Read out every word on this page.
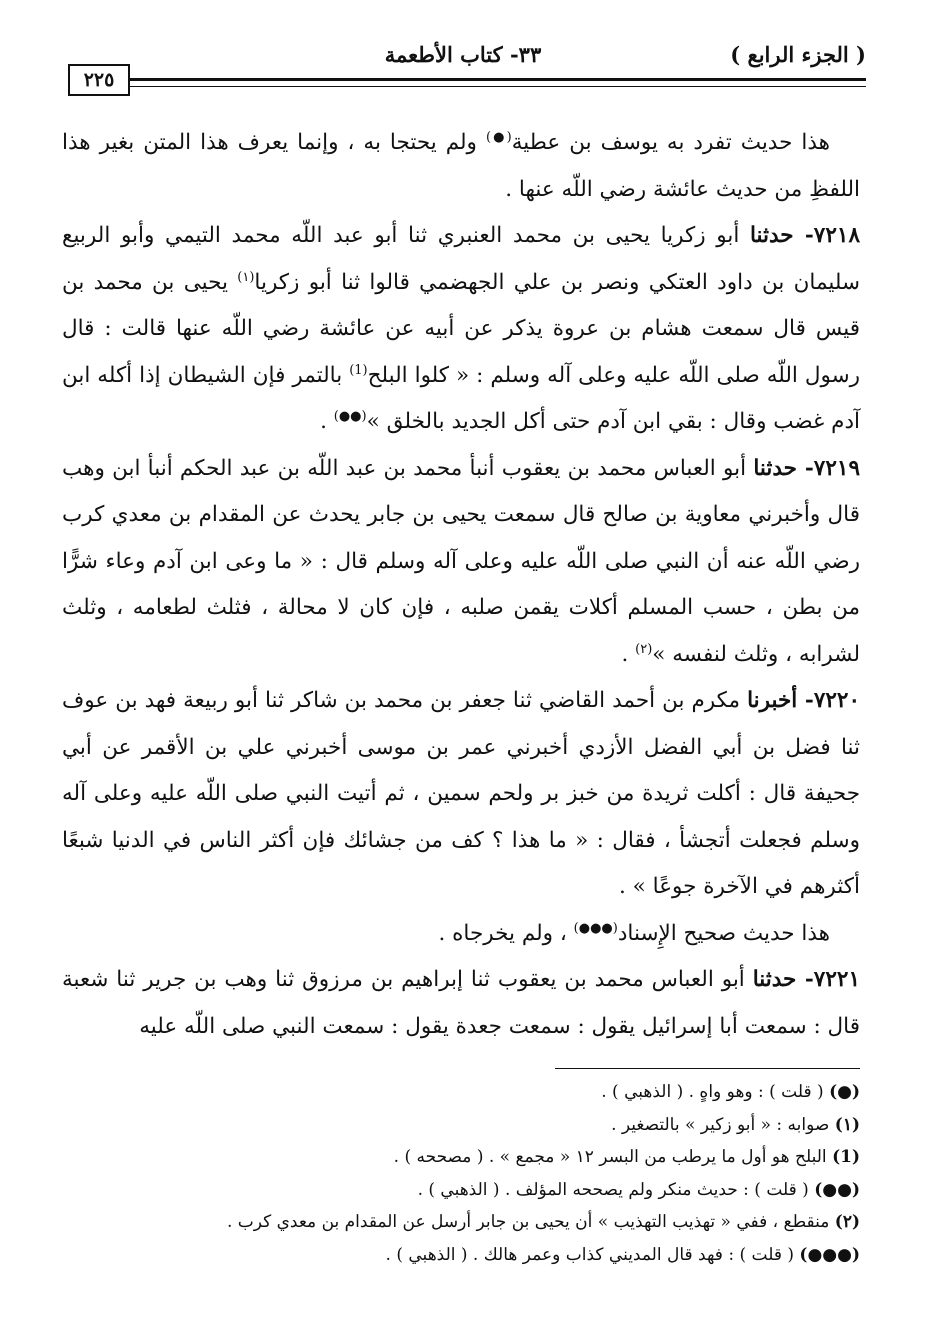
( الجزء الرابع )
٣٣- كتاب الأطعمة
٢٢٥

هذا حديث تفرد به يوسف بن عطية(●) ولم يحتجا به ، وإنما يعرف هذا المتن بغير هذا اللفظِ من حديث عائشة رضي اللّه عنها .

٧٢١٨- حدثنا أبو زكريا يحيى بن محمد العنبري ثنا أبو عبد اللّه محمد التيمي وأبو الربيع سليمان بن داود العتكي ونصر بن علي الجهضمي قالوا ثنا أبو زكريا$^{(١)}$ يحيى بن محمد بن قيس قال سمعت هشام بن عروة يذكر عن أبيه عن عائشة رضي اللّه عنها قالت : قال رسول اللّه صلى اللّه عليه وعلى آله وسلم : « كلوا البلح$^{(1)}$ بالتمر فإن الشيطان إذا أكله ابن آدم غضب وقال : بقي ابن آدم حتى أكل الجديد بالخلق »(●●) .

٧٢١٩- حدثنا أبو العباس محمد بن يعقوب أنبأ محمد بن عبد اللّه بن عبد الحكم أنبأ ابن وهب قال وأخبرني معاوية بن صالح قال سمعت يحيى بن جابر يحدث عن المقدام بن معدي كرب رضي اللّه عنه أن النبي صلى اللّه عليه وعلى آله وسلم قال : « ما وعى ابن آدم وعاء شرًّا من بطن ، حسب المسلم أكلات يقمن صلبه ، فإن كان لا محالة ، فثلث لطعامه ، وثلث لشرابه ، وثلث لنفسه »$^{(٢)}$ .

٧٢٢٠- أخبرنا مكرم بن أحمد القاضي ثنا جعفر بن محمد بن شاكر ثنا أبو ربيعة فهد بن عوف ثنا فضل بن أبي الفضل الأزدي أخبرني عمر بن موسى أخبرني علي بن الأقمر عن أبي جحيفة قال : أكلت ثريدة من خبز بر ولحم سمين ، ثم أتيت النبي صلى اللّه عليه وعلى آله وسلم فجعلت أتجشأ ، فقال : « ما هذا ؟ كف من جشائك فإن أكثر الناس في الدنيا شبعًا أكثرهم في الآخرة جوعًا » .

هذا حديث صحيح الإِسناد(●●●) ، ولم يخرجاه .

٧٢٢١- حدثنا أبو العباس محمد بن يعقوب ثنا إبراهيم بن مرزوق ثنا وهب بن جرير ثنا شعبة قال : سمعت أبا إسرائيل يقول : سمعت جعدة يقول : سمعت النبي صلى اللّه عليه

(●) ( قلت ) : وهو واهٍ . ( الذهبي ) .

(١) صوابه : « أبو زكير » بالتصغير .

(1) البلح هو أول ما يرطب من البسر ١٢ « مجمع » . ( مصححه ) .

(●●) ( قلت ) : حديث منكر ولم يصححه المؤلف . ( الذهبي ) .

(٢) منقطع ، ففي « تهذيب التهذيب » أن يحيى بن جابر أرسل عن المقدام بن معدي كرب .

(●●●) ( قلت ) : فهد قال المديني كذاب وعمر هالك . ( الذهبي ) .
